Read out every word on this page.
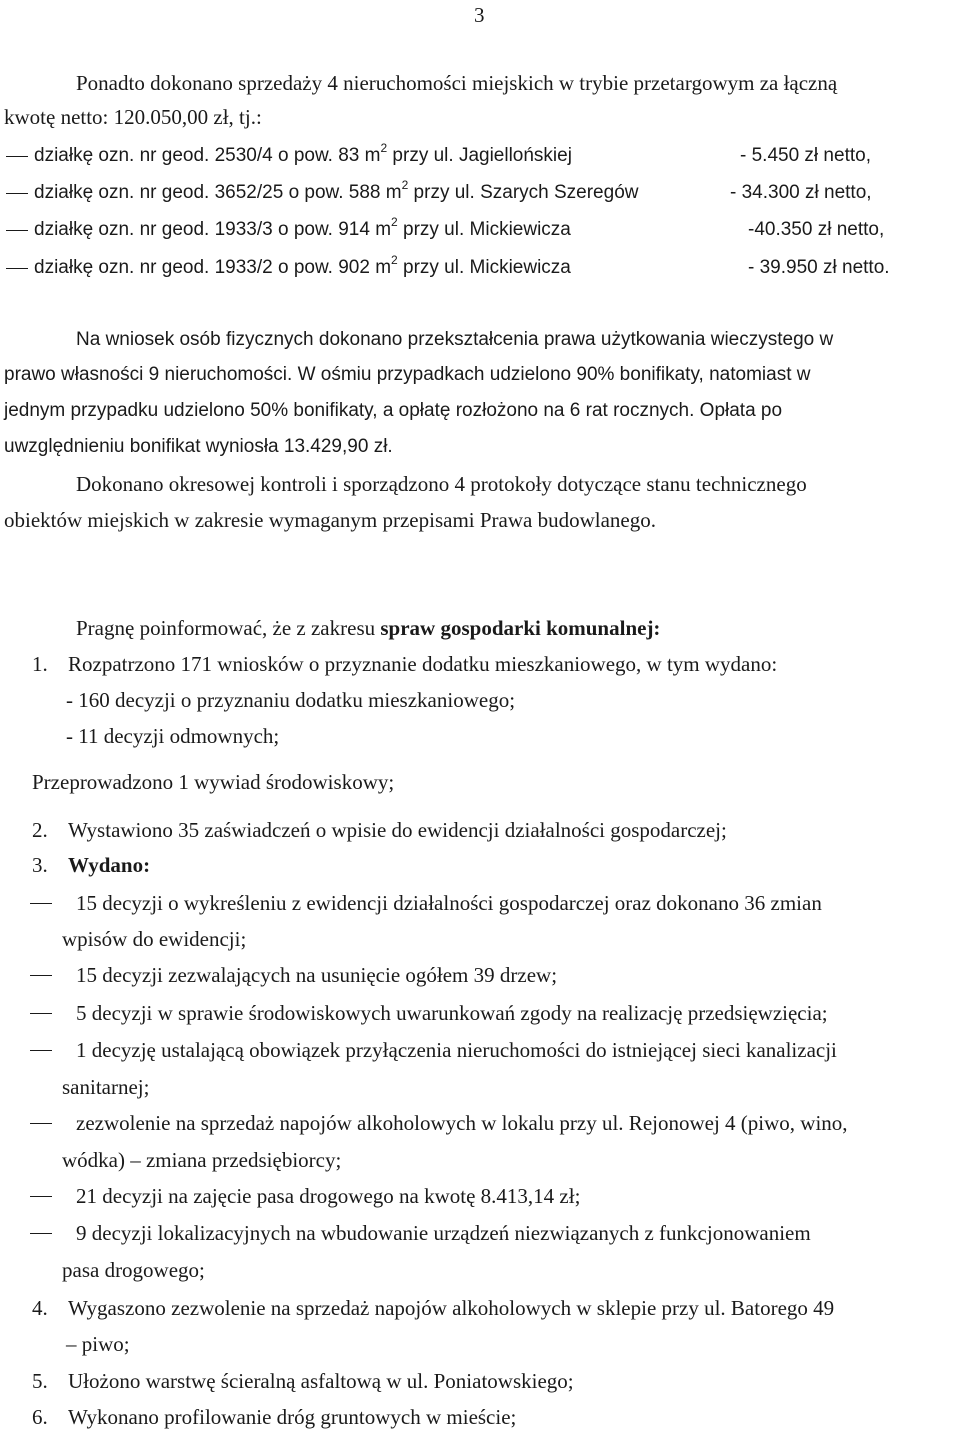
3
Ponadto dokonano sprzedaży 4 nieruchomości miejskich w trybie przetargowym za łączną
kwotę netto: 120.050,00 zł, tj.:
działkę ozn. nr geod. 2530/4 o pow. 83 $m^2$ przy ul. Jagiellońskiej	- 5.450 zł netto,
działkę ozn. nr geod. 3652/25 o pow. 588 $m^2$ przy ul. Szarych Szeregów	- 34.300 zł netto,
działkę ozn. nr geod. 1933/3 o pow. 914 $m^2$ przy ul. Mickiewicza	-40.350 zł netto,
działkę ozn. nr geod. 1933/2 o pow. 902 $m^2$ przy ul. Mickiewicza	- 39.950 zł netto.
Na wniosek osób fizycznych dokonano przekształcenia prawa użytkowania wieczystego w
prawo własności 9 nieruchomości. W ośmiu przypadkach udzielono 90% bonifikaty, natomiast w
jednym przypadku udzielono 50% bonifikaty, a opłatę rozłożono na 6 rat rocznych. Opłata po
uwzględnieniu bonifikat wyniosła 13.429,90 zł.
Dokonano okresowej kontroli i sporządzono 4 protokoły dotyczące stanu technicznego
obiektów miejskich w zakresie wymaganym przepisami Prawa budowlanego.
Pragnę poinformować, że z zakresu spraw gospodarki komunalnej:
1. Rozpatrzono 171 wniosków o przyznanie dodatku mieszkaniowego, w tym wydano:
- 160 decyzji o przyznaniu dodatku mieszkaniowego;
- 11 decyzji odmownych;
Przeprowadzono 1 wywiad środowiskowy;
2. Wystawiono 35 zaświadczeń o wpisie do ewidencji działalności gospodarczej;
3. Wydano:
15 decyzji o wykreśleniu z ewidencji działalności gospodarczej oraz dokonano 36 zmian
wpisów do ewidencji;
15 decyzji zezwalających na usunięcie ogółem 39 drzew;
5 decyzji w sprawie środowiskowych uwarunkowań zgody na realizację przedsięwzięcia;
1 decyzję ustalającą obowiązek przyłączenia nieruchomości do istniejącej sieci kanalizacji
sanitarnej;
zezwolenie na sprzedaż napojów alkoholowych w lokalu przy ul. Rejonowej 4 (piwo, wino,
wódka) – zmiana przedsiębiorcy;
21 decyzji na zajęcie pasa drogowego na kwotę 8.413,14 zł;
9 decyzji lokalizacyjnych na wbudowanie urządzeń niezwiązanych z funkcjonowaniem
pasa drogowego;
4. Wygaszono zezwolenie na sprzedaż napojów alkoholowych w sklepie przy ul. Batorego 49
– piwo;
5. Ułożono warstwę ścieralną asfaltową w ul. Poniatowskiego;
6. Wykonano profilowanie dróg gruntowych w mieście;
